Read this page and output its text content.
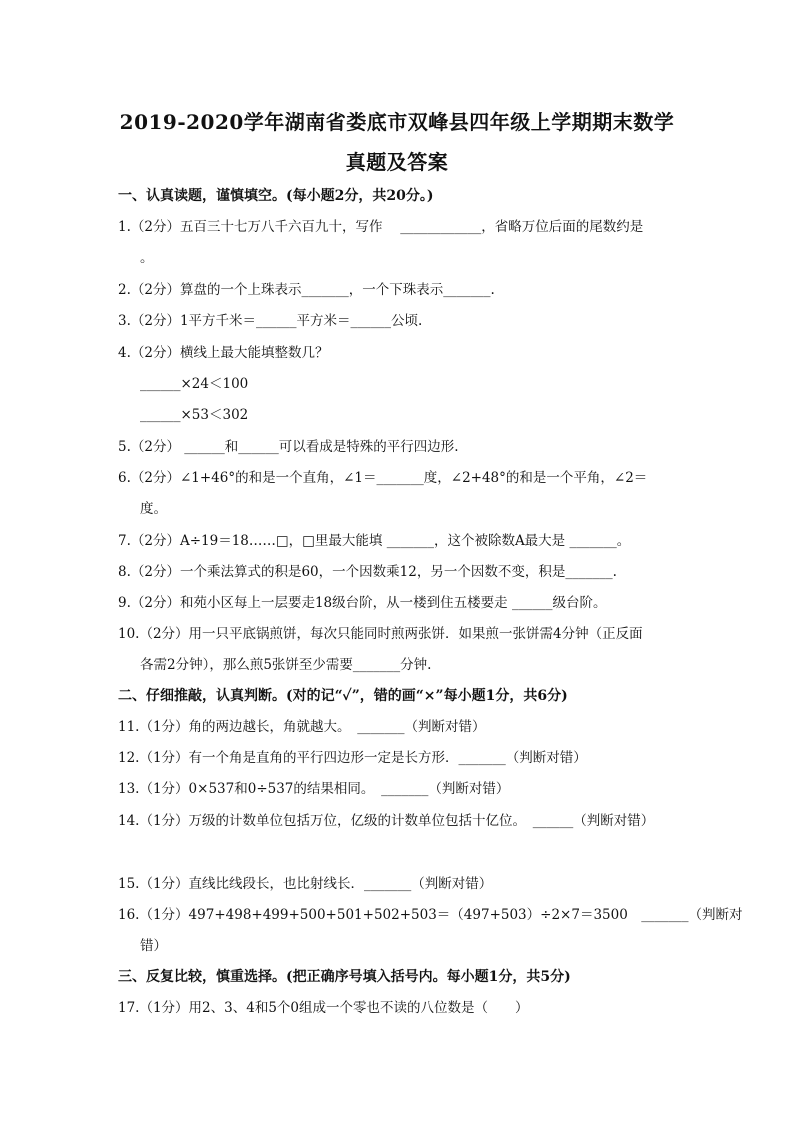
2019-2020学年湖南省娄底市双峰县四年级上学期期末数学
真题及答案
一、认真读题，谨慎填空。(每小题2分，共20分。)
1.（2分）五百三十七万八千六百九十，写作　 ____________，省略万位后面的尾数约是
。
2.（2分）算盘的一个上珠表示_______，一个下珠表示_______.
3.（2分）1平方千米＝______平方米＝______公顷.
4.（2分）横线上最大能填整数几？
______×24＜100
______×53＜302
5.（2分） ______和______可以看成是特殊的平行四边形.
6.（2分）∠1+46°的和是一个直角，∠1＝_______度，∠2+48°的和是一个平角，∠2＝
度。
7.（2分）A÷19＝18……□，□里最大能填 _______，这个被除数A最大是 _______。
8.（2分）一个乘法算式的积是60，一个因数乘12，另一个因数不变，积是_______.
9.（2分）和苑小区每上一层要走18级台阶，从一楼到住五楼要走 ______级台阶。
10.（2分）用一只平底锅煎饼，每次只能同时煎两张饼．如果煎一张饼需4分钟（正反面
各需2分钟），那么煎5张饼至少需要_______分钟.
二、仔细推敲，认真判断。(对的记“✓”，错的画“×”每小题1分，共6分)
11.（1分）角的两边越长，角就越大。　_______（判断对错）
12.（1分）有一个角是直角的平行四边形一定是长方形．_______（判断对错）
13.（1分）0×537和0÷537的结果相同。　_______（判断对错）
14.（1分）万级的计数单位包括万位，亿级的计数单位包括十亿位。　______（判断对错）
15.（1分）直线比线段长，也比射线长．_______（判断对错）
16.（1分）497+498+499+500+501+502+503＝（497+503）÷2×7＝3500　_______（判断对
错）
三、反复比较，慎重选择。(把正确序号填入括号内。每小题1分，共5分)
17.（1分）用2、3、4和5个0组成一个零也不读的八位数是（　　）
